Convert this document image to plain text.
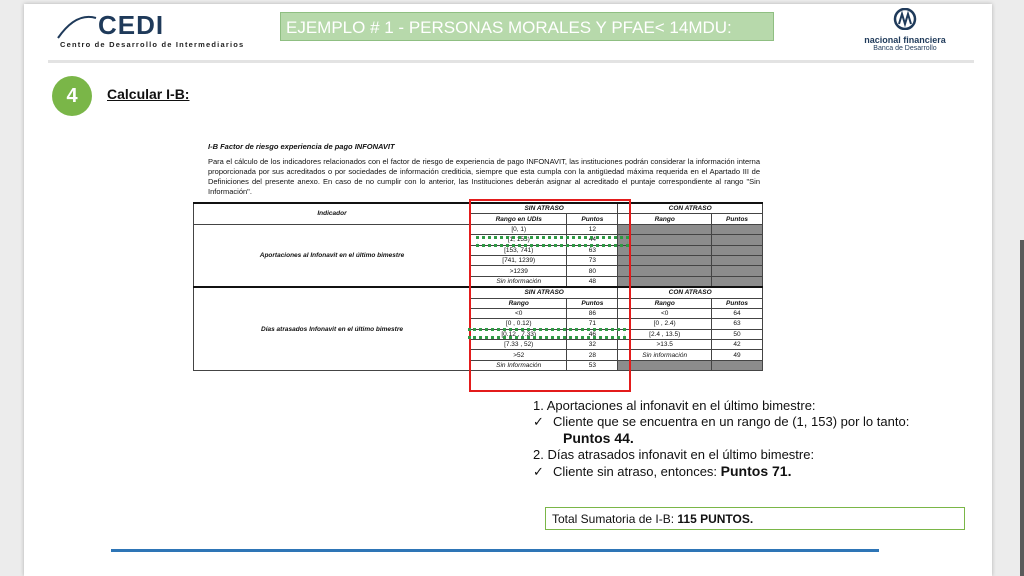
CEDI
Centro de Desarrollo de Intermediarios
EJEMPLO # 1 - PERSONAS MORALES Y PFAE< 14MDU:
nacional financiera
Banca de Desarrollo
4	Calcular I-B:
I-B Factor de riesgo experiencia de pago INFONAVIT
Para el cálculo de los indicadores relacionados con el factor de riesgo de experiencia de pago INFONAVIT, las instituciones podrán considerar la información interna proporcionada por sus acreditados o por sociedades de información crediticia, siempre que esta cumpla con la antigüedad máxima requerida en el Apartado III de Definiciones del presente anexo. En caso de no cumplir con lo anterior, las Instituciones deberán asignar al acreditado el puntaje correspondiente al rango "Sin Información".
Indicador	SIN ATRASO		CON ATRASO	
	Rango en UDIs	Puntos	Rango	Puntos
Aportaciones al Infonavit en el último bimestre	[0, 1)	12		
	[1, 153)	44		
	[153, 741)	63		
	[741, 1239)	73		
	>1239	80		
	Sin información	48		
Días atrasados Infonavit en el último bimestre	SIN ATRASO		CON ATRASO	
	Rango	Puntos	Rango	Puntos
	<0	86	<0	64
	[0 , 0.12)	71	[0 , 2.4)	63
	[0.12 , 7.33)	46	[2.4 , 13.5)	50
	[7.33 , 52)	32	>13.5	42
	>52	28	Sin información	49
	Sin Información	53		
1. Aportaciones al infonavit en el último bimestre:
✓ Cliente que se encuentra en un rango de (1, 153) por lo tanto:
Puntos 44.
2. Días atrasados infonavit en el último bimestre:
✓ Cliente sin atraso, entonces: Puntos 71.
Total Sumatoria de I-B: 115 PUNTOS.
